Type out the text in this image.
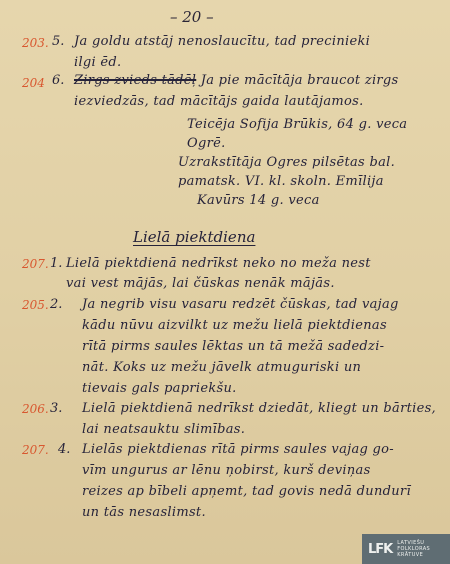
– 20 –
203. 5. Ja goldu atstāj nenoslaucītu, tad precinieki
ilgi ēd.
204 6. Zirgs zvieds tādēļ Ja pie mācītāja braucot zirgs
iezviedzās, tad mācītājs gaida lautājamos.
Teicēja Sofija Brūkis, 64 g. veca
Ogrē.
Uzrakstītāja Ogres pilsētas bal.
pamatsk. VI. kl. skoln. Emīlija
Kavūrs 14 g. veca
Lielā piektdiena
207. 1. Lielā piektdienā nedrīkst neko no meža nest
vai vest mājās, lai čūskas nenāk mājās.
205. 2. Ja negrib visu vasaru redzēt čūskas, tad vajag
kādu nūvu aizvilkt uz mežu lielā piektdienas
rītā pirms saules lēktas un tā mežā sadedzi-
nāt. Koks uz mežu jāvelk atmuguriski un
tievais gals papriekšu.
206. 3. Lielā piektdienā nedrīkst dziedāt, kliegt un bārties,
lai neatsauktu slimības.
207. 4. Lielās piektdienas rītā pirms saules vajag go-
vīm ungurus ar lēnu ņobirst, kurš deviņas
reizes ap bībeli apņemt, tad govis nedā dundurī
un tās nesaslimst.
LFK LATVIEŠU
FOLKLORAS
KRĀTUVE
